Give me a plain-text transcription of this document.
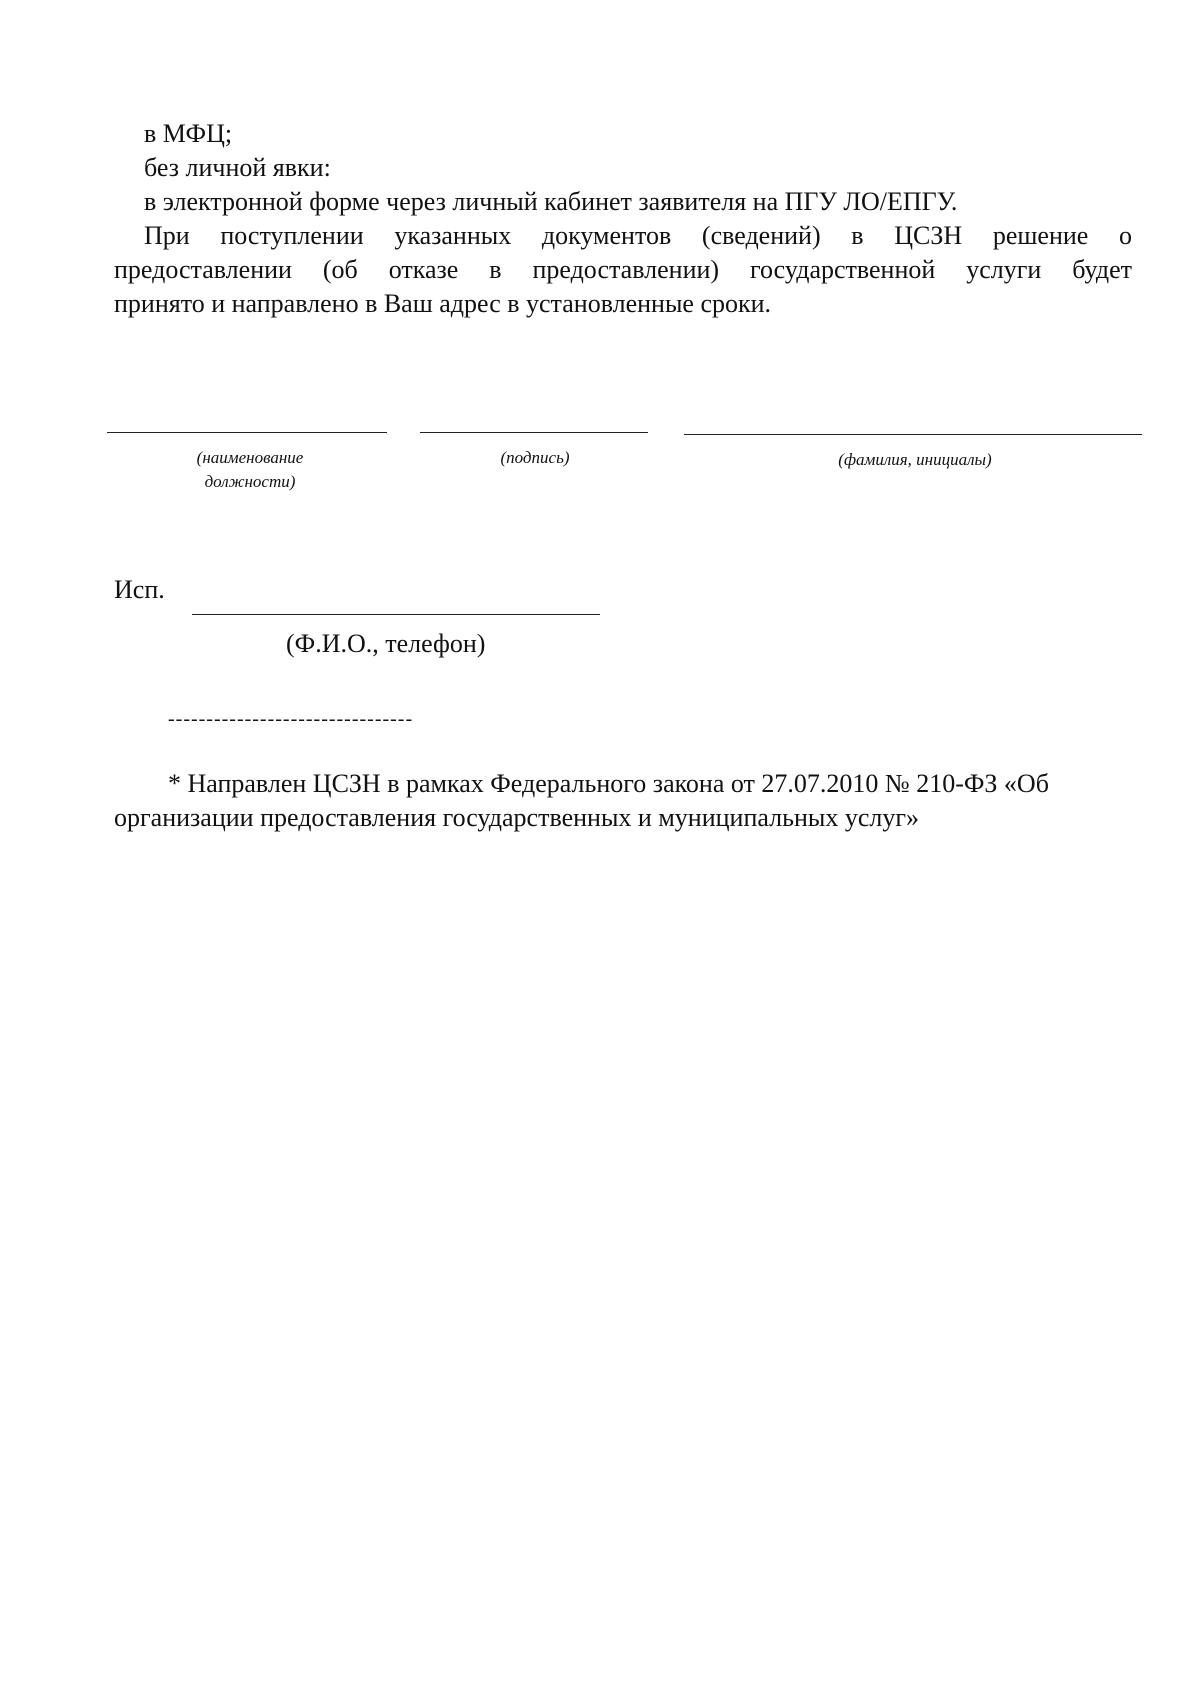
в МФЦ;
без личной явки:
в электронной форме через личный кабинет заявителя на ПГУ ЛО/ЕПГУ.
При поступлении указанных документов (сведений) в ЦСЗН решение о
предоставлении (об отказе в предоставлении) государственной услуги будет
принято и направлено в Ваш адрес в установленные сроки.
(наименование
должности)
(подпись)	(фамилия, инициалы)
Исп.
(Ф.И.О., телефон)
--------------------------------
* Направлен ЦСЗН в рамках Федерального закона от 27.07.2010 № 210-ФЗ «Об
организации предоставления государственных и муниципальных услуг»
